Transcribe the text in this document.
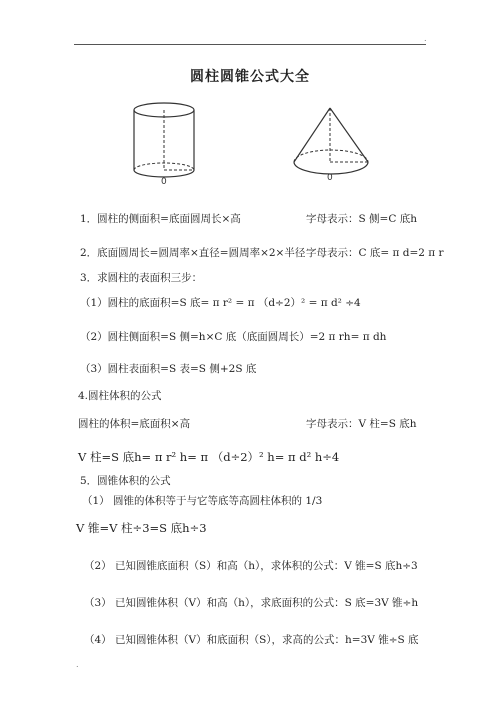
.
圆柱圆锥公式大全
0	0
1．圆柱的侧面积=底面圆周长×高	字母表示：S 侧=C 底h
2．底面圆周长=圆周率×直径=圆周率×2×半径 字母表示：C 底= π d=2 π r
3．求圆柱的表面积三步：
（1）圆柱的底面积=S 底= π r² = π （d÷2）² = π d² ÷4
（2）圆柱侧面积=S 侧=h×C 底（底面圆周长）=2 π rh= π dh
（3）圆柱表面积=S 表=S 侧+2S 底
4.圆柱体积的公式
圆柱的体积=底面积×高	字母表示：V 柱=S 底h
V 柱=S 底h= π r² h= π （d÷2）² h= π d² h÷4
5．圆锥体积的公式
（1） 圆锥的体积等于与它等底等高圆柱体积的 1/3
V 锥=V 柱÷3=S 底h÷3
（2） 已知圆锥底面积（S）和高（h），求体积的公式：V 锥=S 底h÷3
（3） 已知圆锥体积（V）和高（h），求底面积的公式：S 底=3V 锥÷h
（4） 已知圆锥体积（V）和底面积（S），求高的公式：h=3V 锥÷S 底
.
